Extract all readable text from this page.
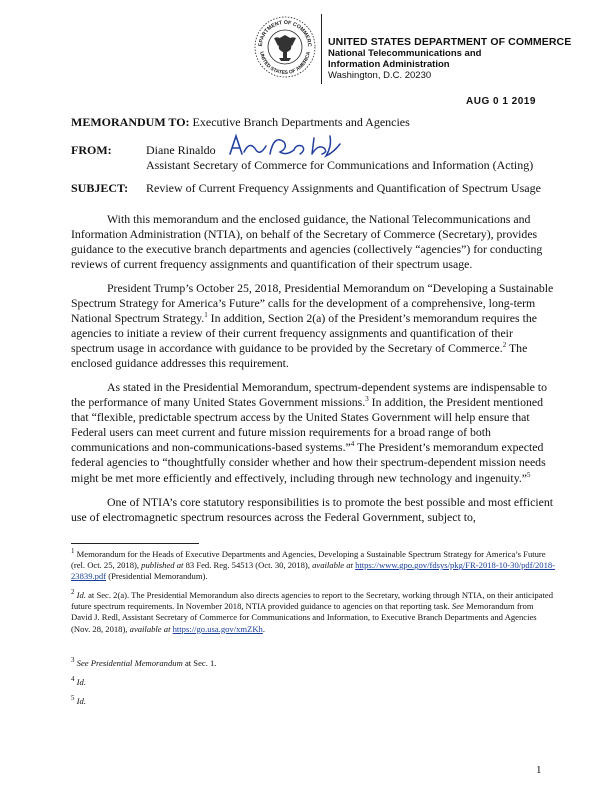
EPARTMENT OF COMMERC
UNITED STATES OF AMERICA
UNITED STATES DEPARTMENT OF COMMERCE
National Telecommunications and
Information Administration
Washington, D.C. 20230
AUG 0 1 2019
MEMORANDUM TO: Executive Branch Departments and Agencies
FROM:	Diane Rinaldo
Assistant Secretary of Commerce for Communications and Information (Acting)
SUBJECT: Review of Current Frequency Assignments and Quantification of Spectrum Usage

With this memorandum and the enclosed guidance, the National Telecommunications and Information Administration (NTIA), on behalf of the Secretary of Commerce (Secretary), provides guidance to the executive branch departments and agencies (collectively “agencies”) for conducting reviews of current frequency assignments and quantification of their spectrum usage.

President Trump’s October 25, 2018, Presidential Memorandum on “Developing a Sustainable Spectrum Strategy for America’s Future” calls for the development of a comprehensive, long-term National Spectrum Strategy.$^1$ In addition, Section 2(a) of the President’s memorandum requires the agencies to initiate a review of their current frequency assignments and quantification of their spectrum usage in accordance with guidance to be provided by the Secretary of Commerce.$^2$ The enclosed guidance addresses this requirement.

As stated in the Presidential Memorandum, spectrum-dependent systems are indispensable to the performance of many United States Government missions.$^3$ In addition, the President mentioned that “flexible, predictable spectrum access by the United States Government will help ensure that Federal users can meet current and future mission requirements for a broad range of both communications and non-communications-based systems.”$^4$ The President’s memorandum expected federal agencies to “thoughtfully consider whether and how their spectrum-dependent mission needs might be met more efficiently and effectively, including through new technology and ingenuity.”$^5$

One of NTIA’s core statutory responsibilities is to promote the best possible and most efficient use of electromagnetic spectrum resources across the Federal Government, subject to,

$^1$ Memorandum for the Heads of Executive Departments and Agencies, Developing a Sustainable Spectrum Strategy for America’s Future (rel. Oct. 25, 2018), published at 83 Fed. Reg. 54513 (Oct. 30, 2018), available at https://www.gpo.gov/fdsys/pkg/FR-2018-10-30/pdf/2018-23839.pdf (Presidential Memorandum).

$^2$ Id. at Sec. 2(a). The Presidential Memorandum also directs agencies to report to the Secretary, working through NTIA, on their anticipated future spectrum requirements. In November 2018, NTIA provided guidance to agencies on that reporting task. See Memorandum from David J. Redl, Assistant Secretary of Commerce for Communications and Information, to Executive Branch Departments and Agencies (Nov. 28, 2018), available at https://go.usa.gov/xmZKh.

$^3$ See Presidential Memorandum at Sec. 1.

$^4$ Id.

$^5$ Id.

1
